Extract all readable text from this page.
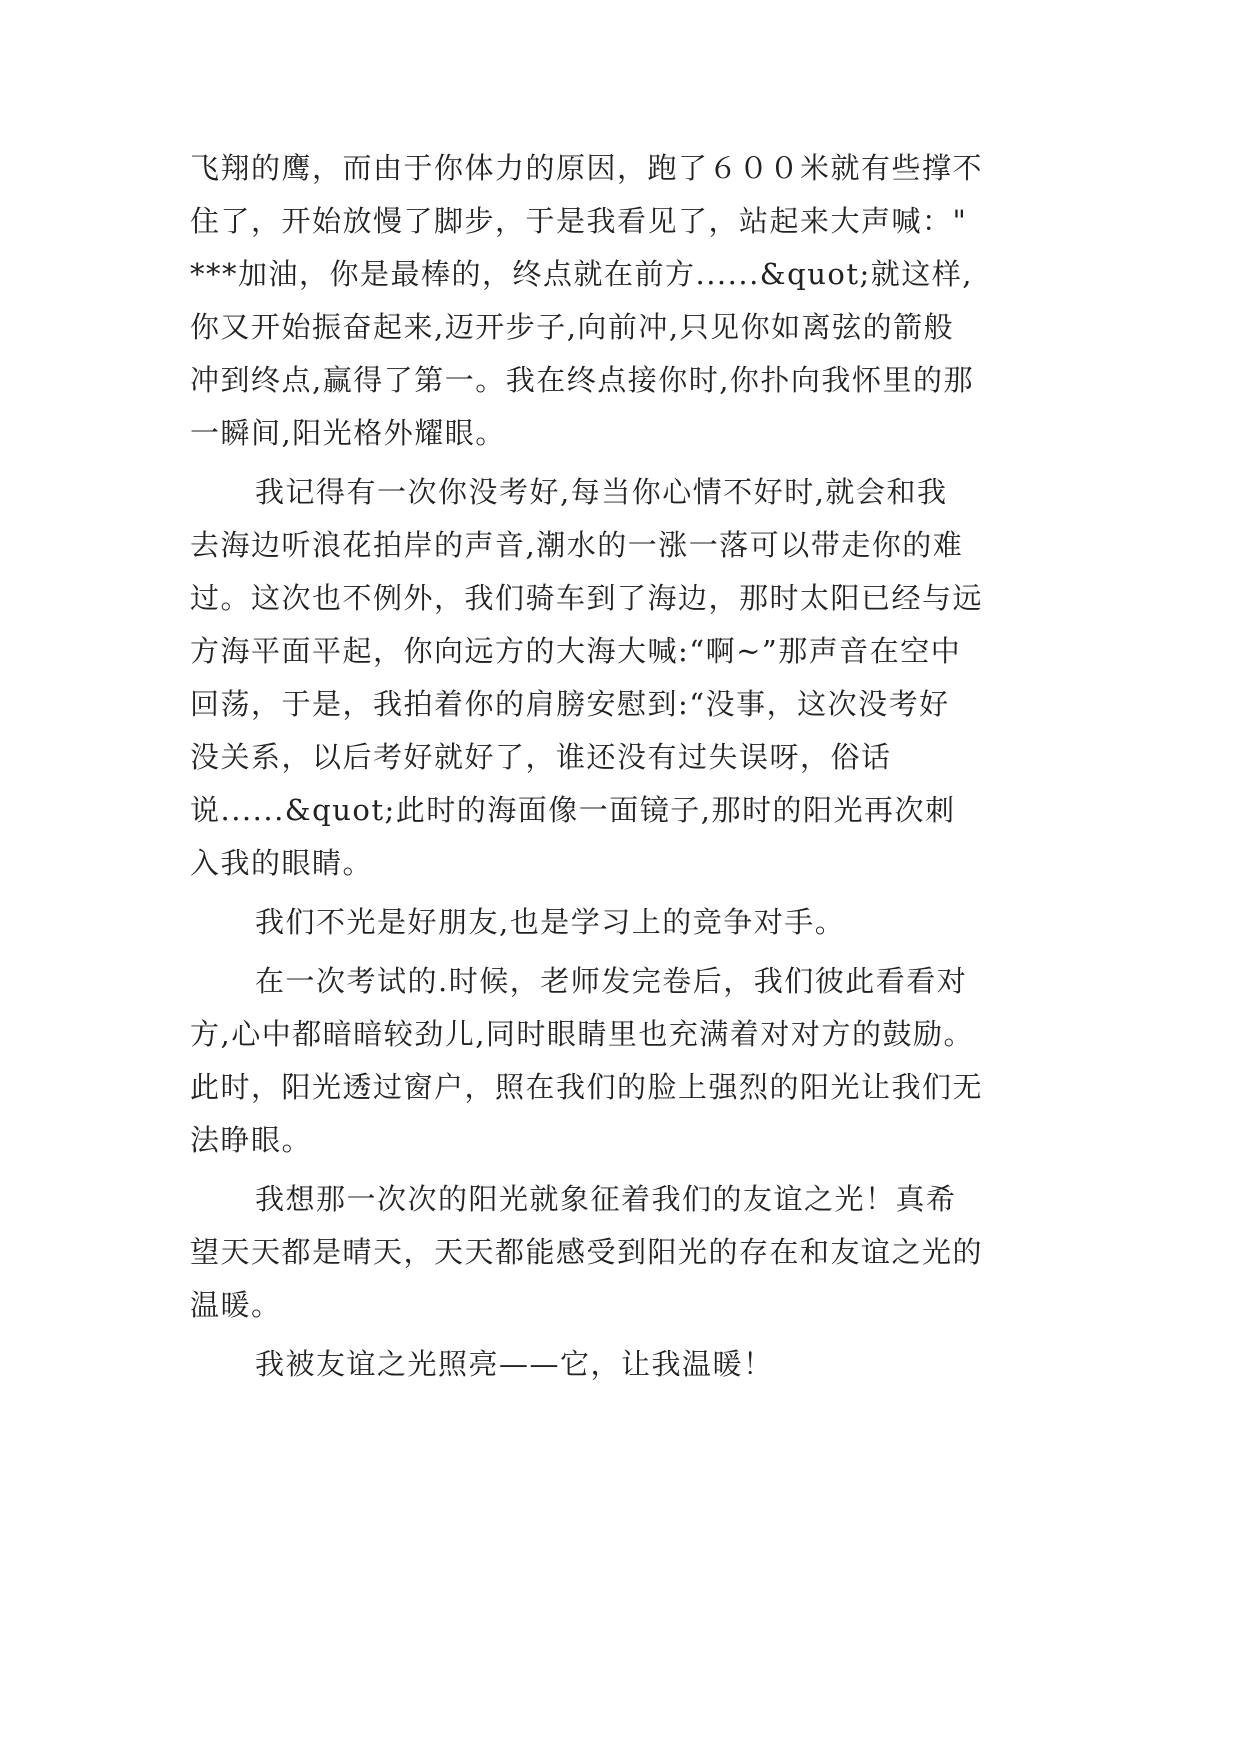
飞翔的鹰，而由于你体力的原因，跑了６００米就有些撑不
住了，开始放慢了脚步，于是我看见了，站起来大声喊："
***加油，你是最棒的，终点就在前方......&quot;就这样,
你又开始振奋起来,迈开步子,向前冲,只见你如离弦的箭般
冲到终点,赢得了第一。我在终点接你时,你扑向我怀里的那
一瞬间,阳光格外耀眼。
我记得有一次你没考好,每当你心情不好时,就会和我
去海边听浪花拍岸的声音,潮水的一涨一落可以带走你的难
过。这次也不例外，我们骑车到了海边，那时太阳已经与远
方海平面平起，你向远方的大海大喊:“啊~”那声音在空中
回荡，于是，我拍着你的肩膀安慰到:“没事，这次没考好
没关系，以后考好就好了，谁还没有过失误呀，俗话
说......&quot;此时的海面像一面镜子,那时的阳光再次刺
入我的眼睛。
我们不光是好朋友,也是学习上的竞争对手。
在一次考试的.时候，老师发完卷后，我们彼此看看对
方,心中都暗暗较劲儿,同时眼睛里也充满着对对方的鼓励。
此时，阳光透过窗户，照在我们的脸上强烈的阳光让我们无
法睁眼。
我想那一次次的阳光就象征着我们的友谊之光！真希
望天天都是晴天，天天都能感受到阳光的存在和友谊之光的
温暖。
我被友谊之光照亮——它，让我温暖！
